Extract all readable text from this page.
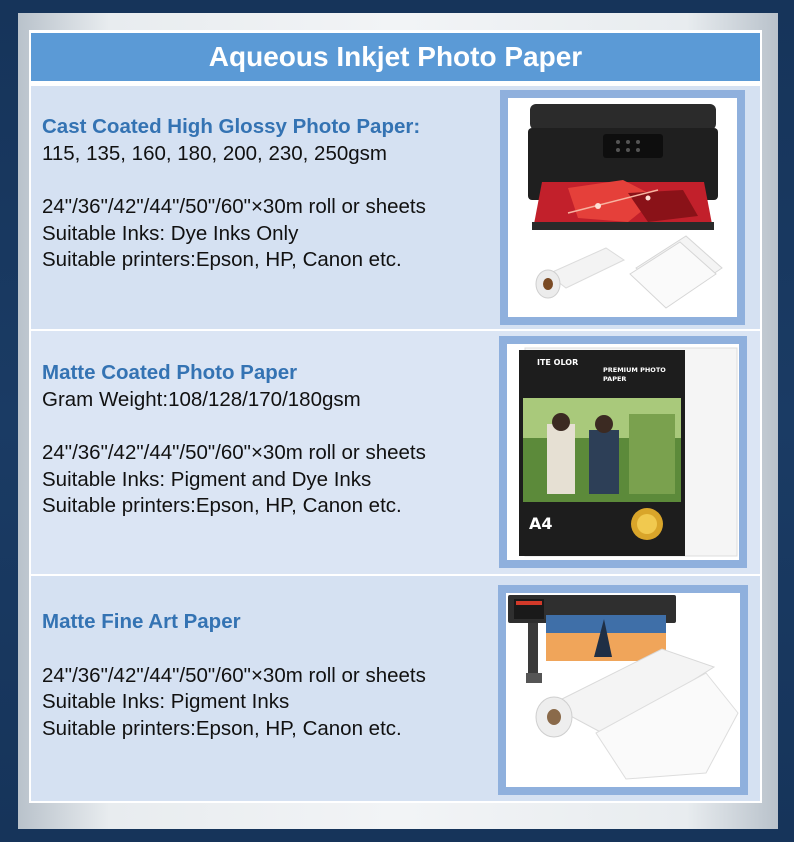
Aqueous Inkjet Photo Paper
Cast Coated High Glossy Photo Paper:
115, 135, 160, 180, 200, 230, 250gsm
24"/36"/42"/44"/50"/60"×30m roll or sheets
Suitable Inks: Dye Inks Only
Suitable printers:Epson, HP, Canon etc.
Matte Coated Photo Paper
Gram Weight:108/128/170/180gsm
24"/36"/42"/44"/50"/60"×30m roll or sheets
Suitable Inks: Pigment and Dye Inks
Suitable printers:Epson, HP, Canon etc.
ITE OLOR
PREMIUM PHOTO PAPER
A4
Matte Fine Art Paper
24"/36"/42"/44"/50"/60"×30m roll or sheets
Suitable Inks: Pigment Inks
Suitable printers:Epson, HP, Canon etc.
